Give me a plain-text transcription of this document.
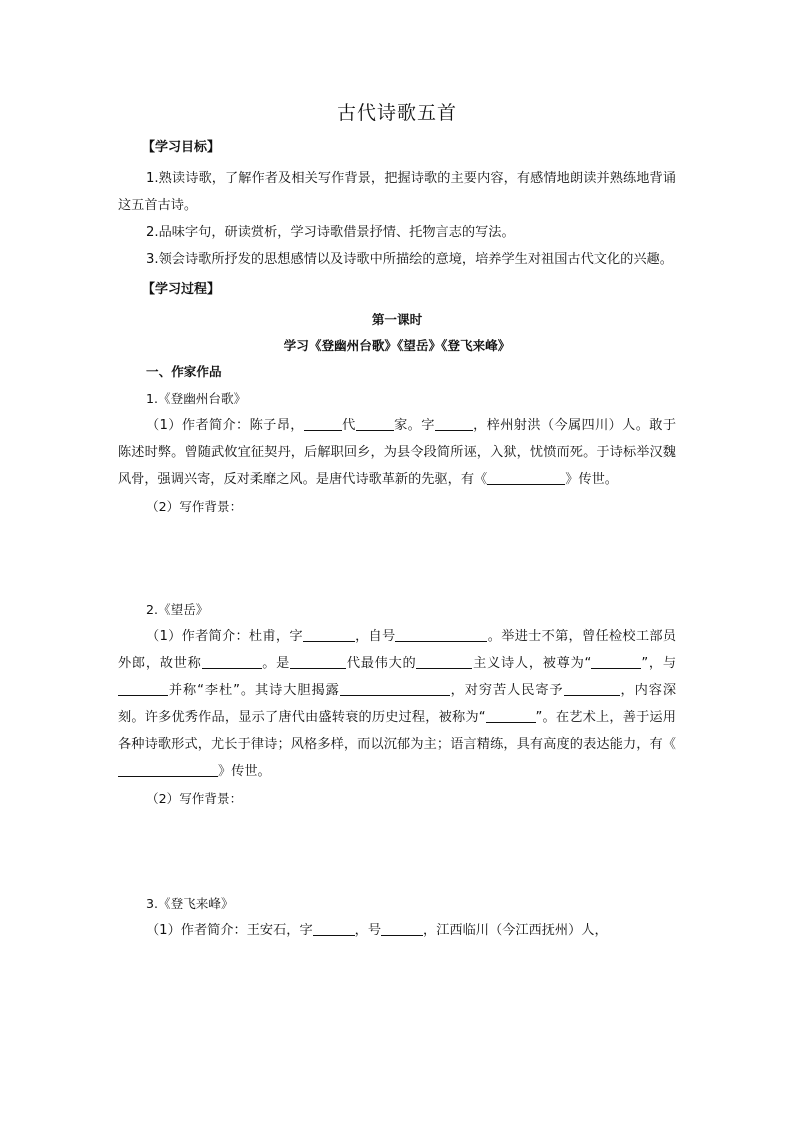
古代诗歌五首
【学习目标】

1.熟读诗歌，了解作者及相关写作背景，把握诗歌的主要内容，有感情地朗读并熟练地背诵这五首古诗。

2.品味字句，研读赏析，学习诗歌借景抒情、托物言志的写法。

3.领会诗歌所抒发的思想感情以及诗歌中所描绘的意境，培养学生对祖国古代文化的兴趣。

【学习过程】

第一课时

学习《登幽州台歌》《望岳》《登飞来峰》

一、作家作品

1.《登幽州台歌》

（1）作者简介：陈子昂，	代	家。字	，梓州射洪（今属四川）人。敢于陈述时弊。曾随武攸宜征契丹，后解职回乡，为县令段简所诬，入狱，忧愤而死。于诗标举汉魏风骨，强调兴寄，反对柔靡之风。是唐代诗歌革新的先驱，有《	》传世。

（2）写作背景：

2.《望岳》

（1）作者简介：杜甫，字	，自号	。举进士不第，曾任检校工部员外郎，故世称	。是	代最伟大的	主义诗人，被尊为“	”，与并称“李杜”。其诗大胆揭露	，对穷苦人民寄予	，内容深刻。许多优秀作品，显示了唐代由盛转衰的历史过程，被称为“	”。在艺术上，善于运用各种诗歌形式，尤长于律诗；风格多样，而以沉郁为主；语言精练，具有高度的表达能力，有《》传世。

（2）写作背景：

3.《登飞来峰》

（1）作者简介：王安石，字	，号	，江西临川（今江西抚州）人，
